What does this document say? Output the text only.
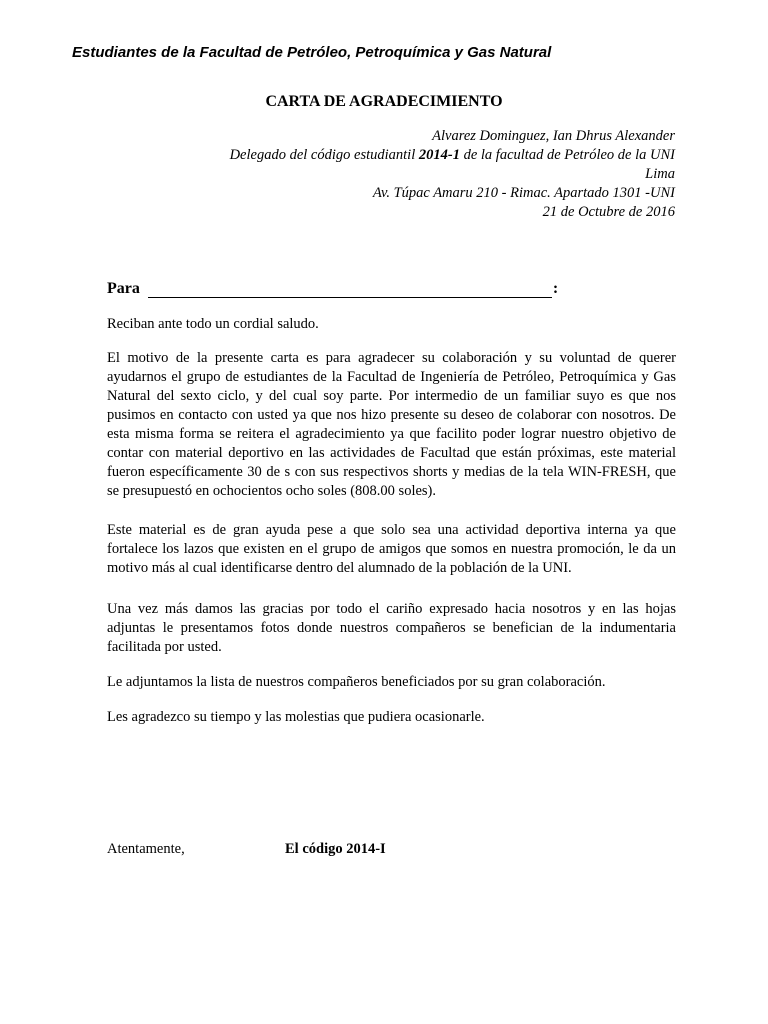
Estudiantes de la Facultad de Petróleo, Petroquímica y Gas Natural
CARTA DE AGRADECIMIENTO
Alvarez Dominguez, Ian Dhrus Alexander
Delegado del código estudiantil 2014-1 de la facultad de Petróleo de la UNI
Lima
Av. Túpac Amaru 210 - Rimac. Apartado 1301 -UNI
21 de Octubre de 2016
Para	:
Reciban ante todo un cordial saludo.
El motivo de la presente carta es para agradecer su colaboración y su voluntad de querer ayudarnos el grupo de estudiantes de la Facultad de Ingeniería de Petróleo, Petroquímica y Gas Natural del sexto ciclo, y del cual soy parte. Por intermedio de un familiar suyo es que nos pusimos en contacto con usted ya que nos hizo presente su deseo de colaborar con nosotros. De esta misma forma se reitera el agradecimiento ya que facilito poder lograr nuestro objetivo de contar con material deportivo en las actividades de Facultad que están próximas, este material fueron específicamente 30 de s con sus respectivos shorts y medias de la tela WIN-FRESH, que se presupuestó en ochocientos ocho soles (808.00 soles).
Este material es de gran ayuda pese a que solo sea una actividad deportiva interna ya que fortalece los lazos que existen en el grupo de amigos que somos en nuestra promoción, le da un motivo más al cual identificarse dentro del alumnado de la población de la UNI.
Una vez más damos las gracias por todo el cariño expresado hacia nosotros y en las hojas adjuntas le presentamos fotos donde nuestros compañeros se benefician de la indumentaria facilitada por usted.
Le adjuntamos la lista de nuestros compañeros beneficiados por su gran colaboración.
Les agradezco su tiempo y las molestias que pudiera ocasionarle.
Atentamente,	El código 2014-I
